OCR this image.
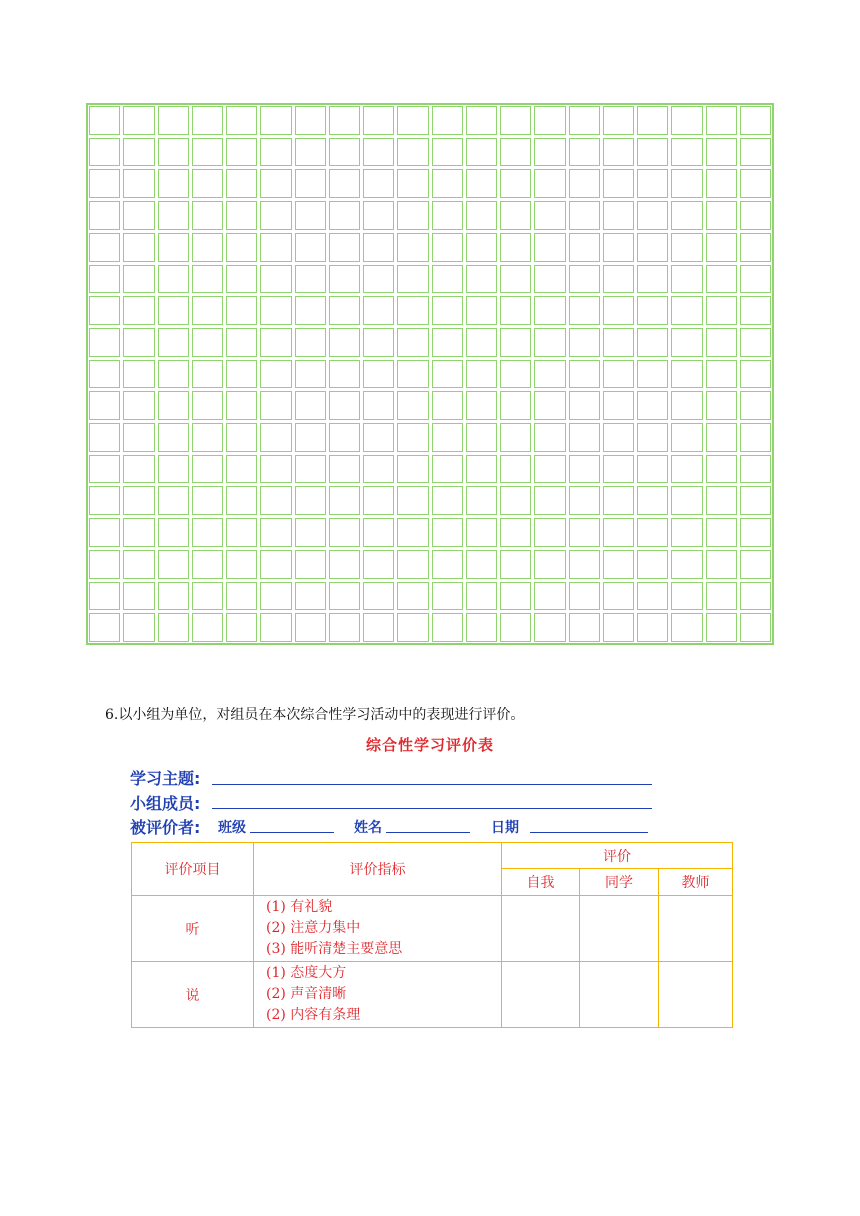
6.以小组为单位，对组员在本次综合性学习活动中的表现进行评价。
综合性学习评价表
学习主题:
小组成员:
被评价者: 班级	姓名	日期
评价项目	评价指标	评价		
		自我	同学	教师
听	(1) 有礼貌
(2) 注意力集中
(3) 能听清楚主要意思			

说	(1) 态度大方
(2) 声音清晰
(2) 内容有条理			
